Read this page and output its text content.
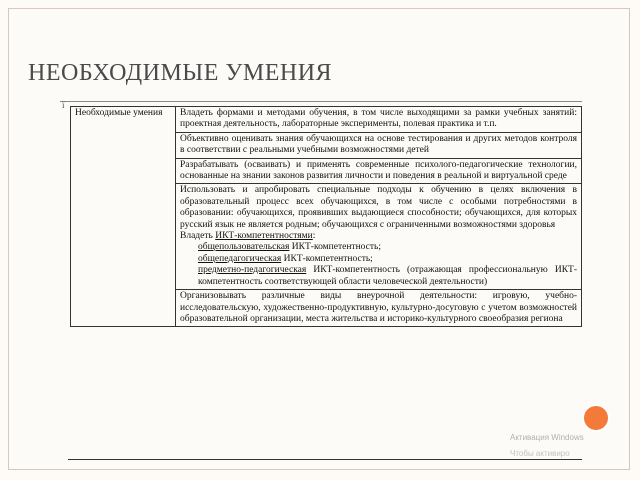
НЕОБХОДИМЫЕ УМЕНИЯ
ї
Необходимые умения	Владеть формами и методами обучения, в том числе выходящими за рамки учебных занятий: проектная деятельность, лабораторные эксперименты, полевая практика и т.п.
Объективно оценивать знания обучающихся на основе тестирования и других методов контроля в соответствии с реальными учебными возможностями детей
Разрабатывать (осваивать) и применять современные психолого-педагогические технологии, основанные на знании законов развития личности и поведения в реальной и виртуальной среде

Использовать и апробировать специальные подходы к обучению в целях включения в образовательный процесс всех обучающихся, в том числе с особыми потребностями в образовании: обучающихся, проявивших выдающиеся способности; обучающихся, для которых русский язык не является родным; обучающихся с ограниченными возможностями здоровья
Владеть ИКТ-компетентностями:
общепользовательская ИКТ-компетентность;
общепедагогическая ИКТ-компетентность;
предметно-педагогическая ИКТ-компетентность (отражающая профессиональную ИКТ-компетентность соответствующей области человеческой деятельности)

Организовывать различные виды внеурочной деятельности: игровую, учебно-исследовательскую, художественно-продуктивную, культурно-досуговую с учетом возможностей образовательной организации, места жительства и историко-культурного своеобразия региона
Активация Windows
Чтобы активиро
